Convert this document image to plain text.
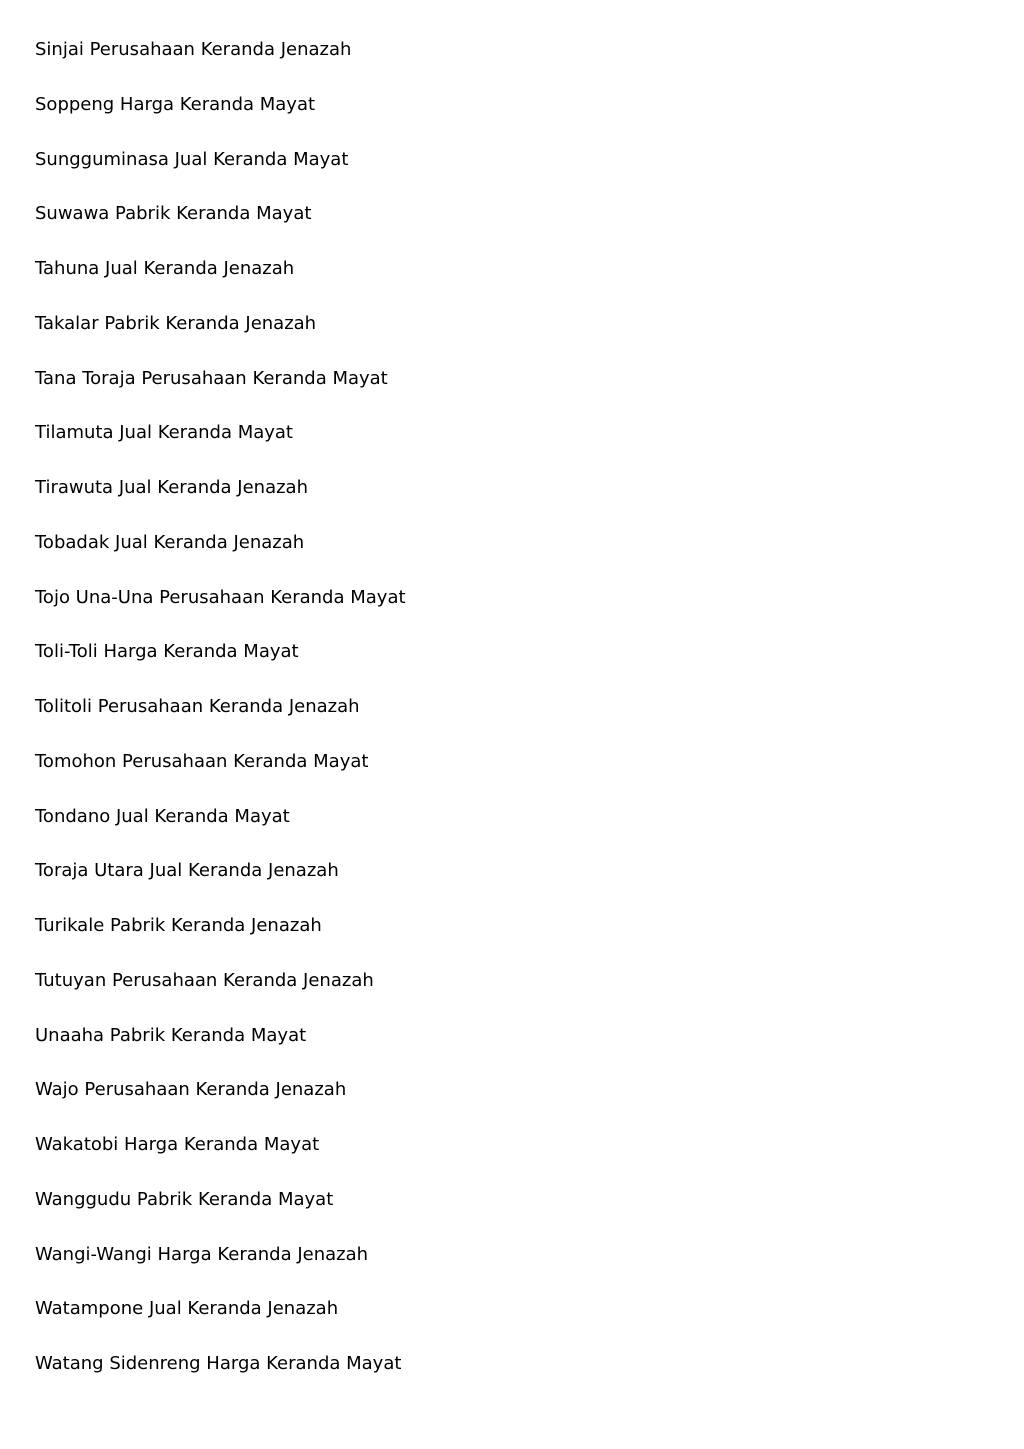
Sinjai Perusahaan Keranda Jenazah
Soppeng Harga Keranda Mayat
Sungguminasa Jual Keranda Mayat
Suwawa Pabrik Keranda Mayat
Tahuna Jual Keranda Jenazah
Takalar Pabrik Keranda Jenazah
Tana Toraja Perusahaan Keranda Mayat
Tilamuta Jual Keranda Mayat
Tirawuta Jual Keranda Jenazah
Tobadak Jual Keranda Jenazah
Tojo Una-Una Perusahaan Keranda Mayat
Toli-Toli Harga Keranda Mayat
Tolitoli Perusahaan Keranda Jenazah
Tomohon Perusahaan Keranda Mayat
Tondano Jual Keranda Mayat
Toraja Utara Jual Keranda Jenazah
Turikale Pabrik Keranda Jenazah
Tutuyan Perusahaan Keranda Jenazah
Unaaha Pabrik Keranda Mayat
Wajo Perusahaan Keranda Jenazah
Wakatobi Harga Keranda Mayat
Wanggudu Pabrik Keranda Mayat
Wangi-Wangi Harga Keranda Jenazah
Watampone Jual Keranda Jenazah
Watang Sidenreng Harga Keranda Mayat
